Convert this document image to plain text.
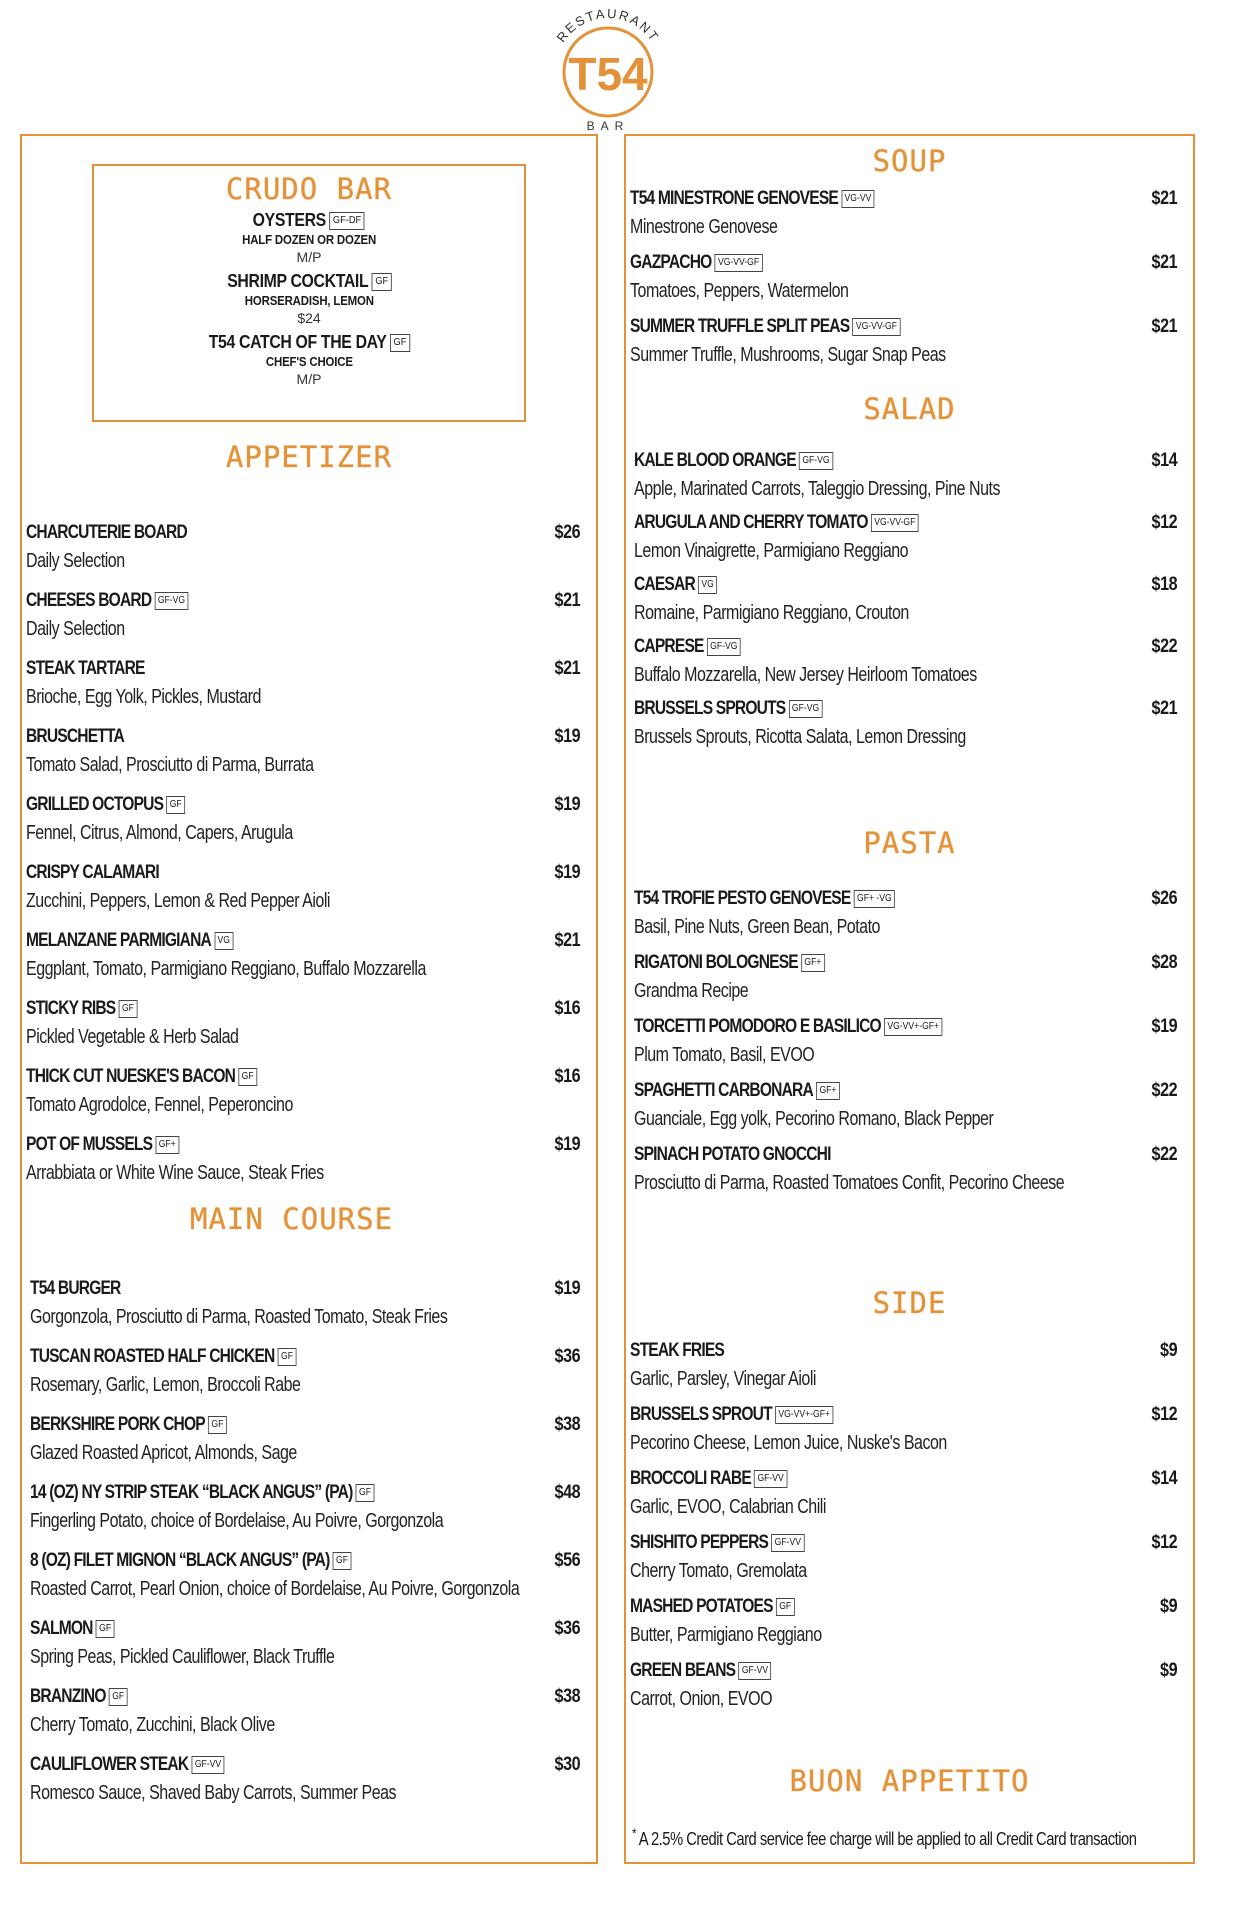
RESTAURANT
T54
BAR
CRUDO BAR
OYSTERS GF-DF
HALF DOZEN OR DOZEN
M/P
SHRIMP COCKTAIL GF
HORSERADISH, LEMON
$24
T54 CATCH OF THE DAY GF
CHEF'S CHOICE
M/P
APPETIZER
CHARCUTERIE BOARD	$26
Daily Selection
CHEESES BOARD GF-VG	$21
Daily Selection
STEAK TARTARE	$21
Brioche, Egg Yolk, Pickles, Mustard
BRUSCHETTA	$19
Tomato Salad, Prosciutto di Parma, Burrata
GRILLED OCTOPUS GF	$19
Fennel, Citrus, Almond, Capers, Arugula
CRISPY CALAMARI	$19
Zucchini, Peppers, Lemon & Red Pepper Aioli
MELANZANE PARMIGIANA VG	$21
Eggplant, Tomato, Parmigiano Reggiano, Buffalo Mozzarella
STICKY RIBS GF	$16
Pickled Vegetable & Herb Salad
THICK CUT NUESKE'S BACON GF	$16
Tomato Agrodolce, Fennel, Peperoncino
POT OF MUSSELS GF+	$19
Arrabbiata or White Wine Sauce, Steak Fries
MAIN COURSE
T54 BURGER	$19
Gorgonzola, Prosciutto di Parma, Roasted Tomato, Steak Fries
TUSCAN ROASTED HALF CHICKEN GF	$36
Rosemary, Garlic, Lemon, Broccoli Rabe
BERKSHIRE PORK CHOP GF	$38
Glazed Roasted Apricot, Almonds, Sage
14 (OZ) NY STRIP STEAK “BLACK ANGUS” (PA) GF	$48
Fingerling Potato, choice of Bordelaise, Au Poivre, Gorgonzola
8 (OZ) FILET MIGNON “BLACK ANGUS” (PA) GF	$56
Roasted Carrot, Pearl Onion, choice of Bordelaise, Au Poivre, Gorgonzola
SALMON GF	$36
Spring Peas, Pickled Cauliflower, Black Truffle
BRANZINO GF	$38
Cherry Tomato, Zucchini, Black Olive
CAULIFLOWER STEAK GF-VV	$30
Romesco Sauce, Shaved Baby Carrots, Summer Peas
SOUP
T54 MINESTRONE GENOVESE VG-VV	$21
Minestrone Genovese
GAZPACHO VG-VV-GF	$21
Tomatoes, Peppers, Watermelon
SUMMER TRUFFLE SPLIT PEAS VG-VV-GF	$21
Summer Truffle, Mushrooms, Sugar Snap Peas
SALAD
KALE BLOOD ORANGE GF-VG	$14
Apple, Marinated Carrots, Taleggio Dressing, Pine Nuts
ARUGULA AND CHERRY TOMATO VG-VV-GF	$12
Lemon Vinaigrette, Parmigiano Reggiano
CAESAR VG	$18
Romaine, Parmigiano Reggiano, Crouton
CAPRESE GF-VG	$22
Buffalo Mozzarella, New Jersey Heirloom Tomatoes
BRUSSELS SPROUTS GF-VG	$21
Brussels Sprouts, Ricotta Salata, Lemon Dressing
PASTA
T54 TROFIE PESTO GENOVESE GF+ -VG	$26
Basil, Pine Nuts, Green Bean, Potato
RIGATONI BOLOGNESE GF+	$28
Grandma Recipe
TORCETTI POMODORO E BASILICO VG-VV+-GF+	$19
Plum Tomato, Basil, EVOO
SPAGHETTI CARBONARA GF+	$22
Guanciale, Egg yolk, Pecorino Romano, Black Pepper
SPINACH POTATO GNOCCHI	$22
Prosciutto di Parma, Roasted Tomatoes Confit, Pecorino Cheese
SIDE
STEAK FRIES	$9
Garlic, Parsley, Vinegar Aioli
BRUSSELS SPROUT VG-VV+-GF+	$12
Pecorino Cheese, Lemon Juice, Nuske's Bacon
BROCCOLI RABE GF-VV	$14
Garlic, EVOO, Calabrian Chili
SHISHITO PEPPERS GF-VV	$12
Cherry Tomato, Gremolata
MASHED POTATOES GF	$9
Butter, Parmigiano Reggiano
GREEN BEANS GF-VV	$9
Carrot, Onion, EVOO
BUON APPETITO
* A 2.5% Credit Card service fee charge will be applied to all Credit Card transaction
